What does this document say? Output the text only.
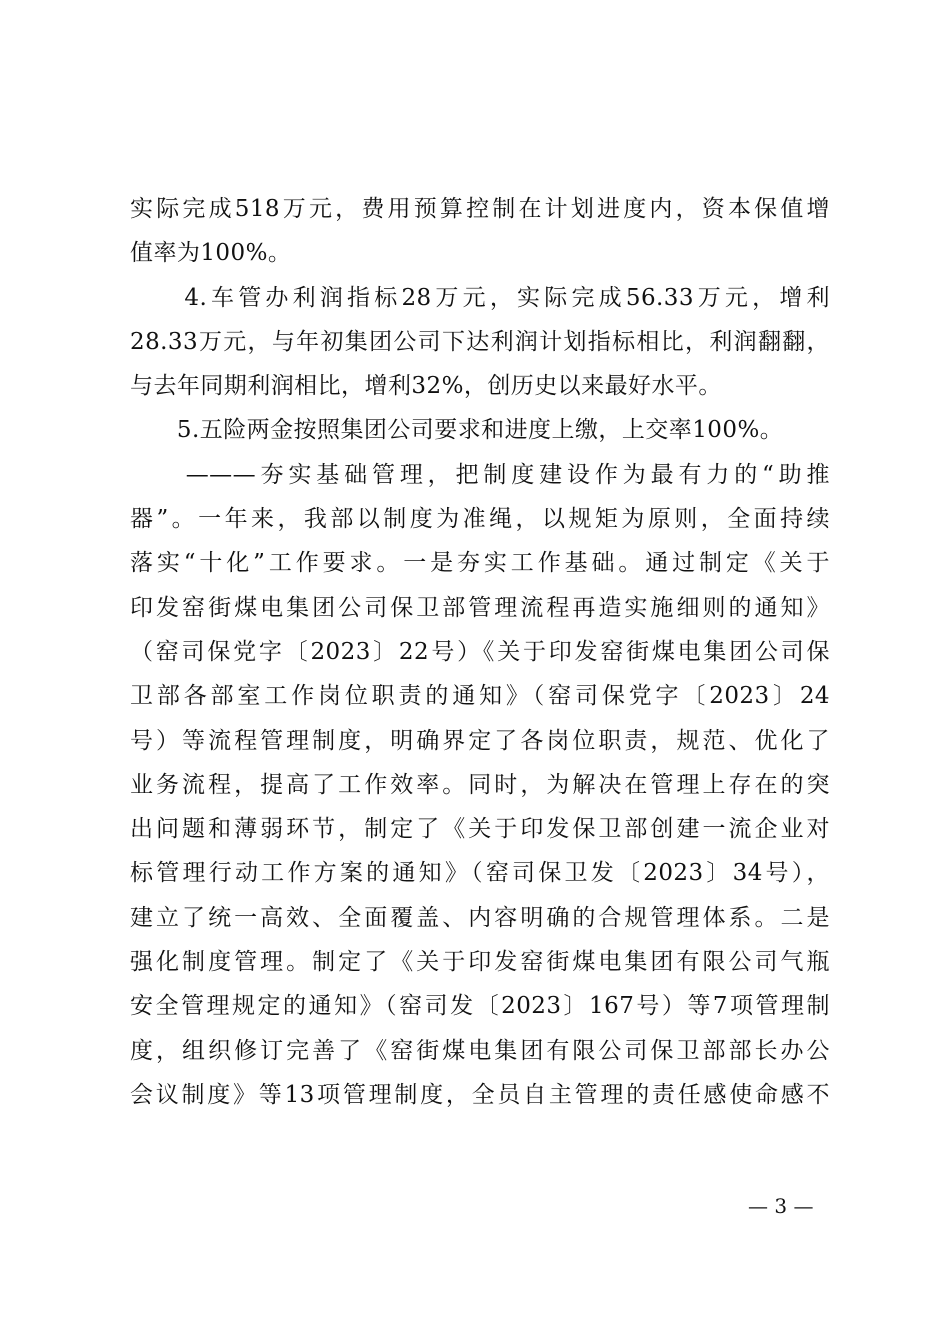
实际完成518万元，费用预算控制在计划进度内，资本保值增
值率为100%。
　　4.车管办利润指标28万元，实际完成56.33万元，增利
28.33万元，与年初集团公司下达利润计划指标相比，利润翻翻，
与去年同期利润相比，增利32%，创历史以来最好水平。
　　5.五险两金按照集团公司要求和进度上缴，上交率100%。
　　———夯实基础管理，把制度建设作为最有力的“助推
器”。一年来，我部以制度为准绳，以规矩为原则，全面持续
落实“十化”工作要求。一是夯实工作基础。通过制定《关于
印发窑街煤电集团公司保卫部管理流程再造实施细则的通知》
（窑司保党字〔2023〕22号）《关于印发窑街煤电集团公司保
卫部各部室工作岗位职责的通知》（窑司保党字〔2023〕24
号）等流程管理制度，明确界定了各岗位职责，规范、优化了
业务流程，提高了工作效率。同时，为解决在管理上存在的突
出问题和薄弱环节，制定了《关于印发保卫部创建一流企业对
标管理行动工作方案的通知》（窑司保卫发〔2023〕34号），
建立了统一高效、全面覆盖、内容明确的合规管理体系。二是
强化制度管理。制定了《关于印发窑街煤电集团有限公司气瓶
安全管理规定的通知》（窑司发〔2023〕167号）等7项管理制
度，组织修订完善了《窑街煤电集团有限公司保卫部部长办公
会议制度》等13项管理制度，全员自主管理的责任感使命感不
— 3 —
